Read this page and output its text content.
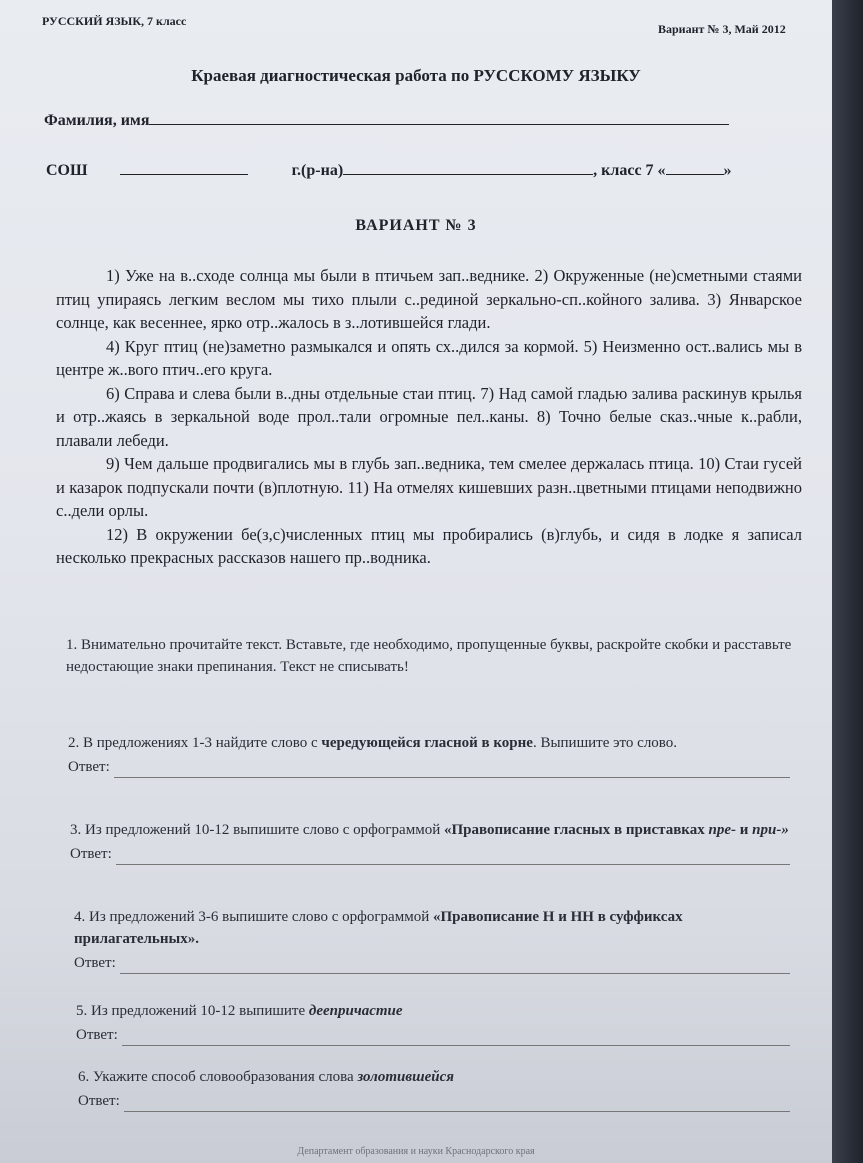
РУССКИЙ ЯЗЫК, 7 класс
Вариант № 3, Май 2012
Краевая диагностическая работа по РУССКОМУ ЯЗЫКУ
Фамилия, имя
СОШ	г.(р-на)	, класс 7 «	»
ВАРИАНТ № 3

1) Уже на в..сходе солнца мы были в птичьем зап..веднике. 2) Окруженные (не)сметными стаями птиц упираясь легким веслом мы тихо плыли с..рединой зеркально-сп..койного залива. 3) Январское солнце, как весеннее, ярко отр..жалось в з..лотившейся глади.

4) Круг птиц (не)заметно размыкался и опять сх..дился за кормой. 5) Неизменно ост..вались мы в центре ж..вого птич..его круга.

6) Справа и слева были в..дны отдельные стаи птиц. 7) Над самой гладью залива раскинув крылья и отр..жаясь в зеркальной воде прол..тали огромные пел..каны. 8) Точно белые сказ..чные к..рабли, плавали лебеди.

9) Чем дальше продвигались мы в глубь зап..ведника, тем смелее держалась птица. 10) Стаи гусей и казарок подпускали почти (в)плотную. 11) На отмелях кишевших разн..цветными птицами неподвижно с..дели орлы.

12) В окружении бе(з,с)численных птиц мы пробирались (в)глубь, и сидя в лодке я записал несколько прекрасных рассказов нашего пр..водника.

1. Внимательно прочитайте текст. Вставьте, где необходимо, пропущенные буквы, раскройте скобки и расставьте недостающие знаки препинания. Текст не списывать!

2. В предложениях 1-3 найдите слово с чередующейся гласной в корне. Выпишите это слово.

Ответ:

3. Из предложений 10-12 выпишите слово с орфограммой «Правописание гласных в приставках пре- и при-»

Ответ:

4. Из предложений 3-6 выпишите слово с орфограммой «Правописание Н и НН в суффиксах прилагательных».

Ответ:

5. Из предложений 10-12 выпишите деепричастие

Ответ:

6. Укажите способ словообразования слова золотившейся

Ответ:
Департамент образования и науки Краснодарского края
